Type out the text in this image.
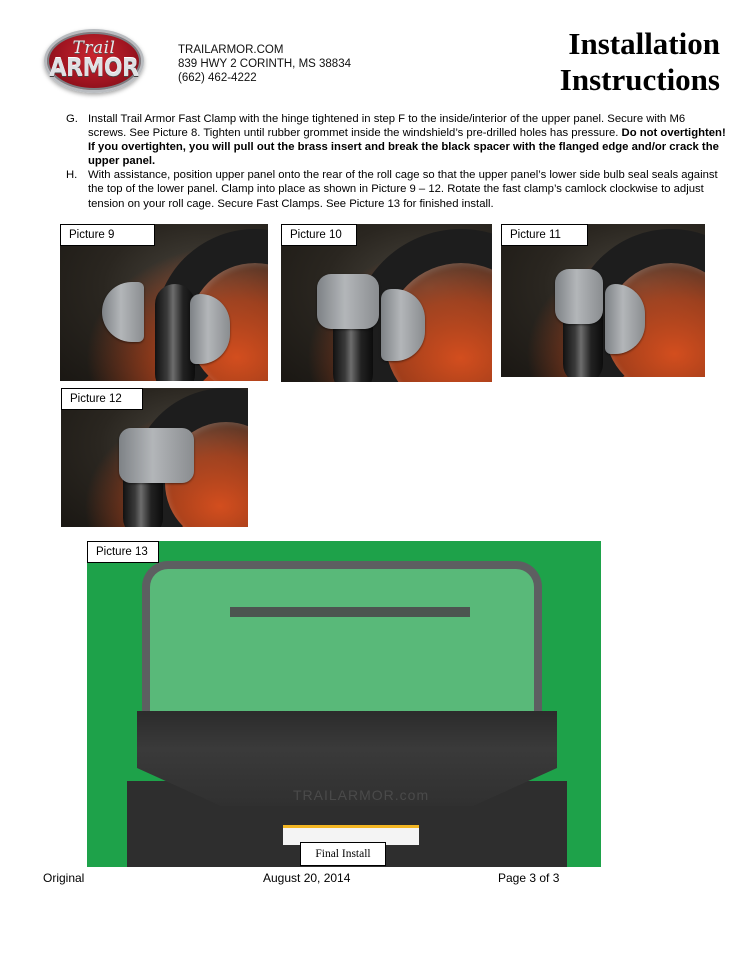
Trail
ARMOR
TRAILARMOR.COM
839 HWY 2 CORINTH, MS 38834
(662) 462-4222
Installation
Instructions
G. Install Trail Armor Fast Clamp with the hinge tightened in step F to the inside/interior of the upper panel. Secure with M6 screws. See Picture 8. Tighten until rubber grommet inside the windshield’s pre-drilled holes has pressure. Do not overtighten! If you overtighten, you will pull out the brass insert and break the black spacer with the flanged edge and/or crack the upper panel.
H. With assistance, position upper panel onto the rear of the roll cage so that the upper panel’s lower side bulb seal seals against the top of the lower panel. Clamp into place as shown in Picture 9 – 12. Rotate the fast clamp’s camlock clockwise to adjust tension on your roll cage. Secure Fast Clamps. See Picture 13 for finished install.
Picture 9	Picture 10	Picture 11
Picture 12
TRAILARMOR.com
Picture 13
Final Install
Original	August 20, 2014	Page 3 of 3
